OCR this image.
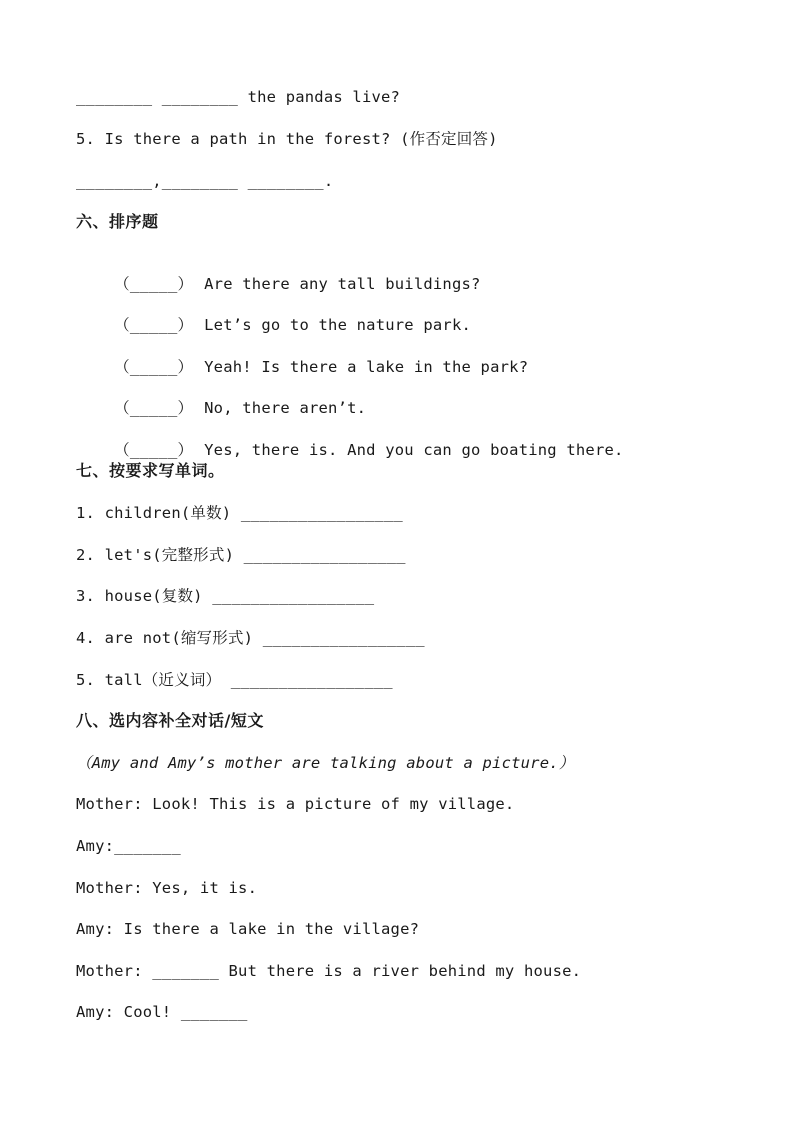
________ ________ the pandas live?
5. Is there a path in the forest? (作否定回答)
________,________ ________.
六、排序题

（_____） Are there any tall buildings?

（_____） Let’s go to the nature park.

（_____） Yeah! Is there a lake in the park?

（_____） No, there aren’t.

（_____） Yes, there is. And you can go boating there.

七、按要求写单词。
1. children(单数) _________________
2. let's(完整形式) _________________
3. house(复数) _________________
4. are not(缩写形式) _________________
5. tall（近义词） _________________
八、选内容补全对话/短文
（Amy and Amy’s mother are talking about a picture.）
Mother: Look! This is a picture of my village.
Amy:_______
Mother: Yes, it is.
Amy: Is there a lake in the village?
Mother: _______ But there is a river behind my house.
Amy: Cool! _______
